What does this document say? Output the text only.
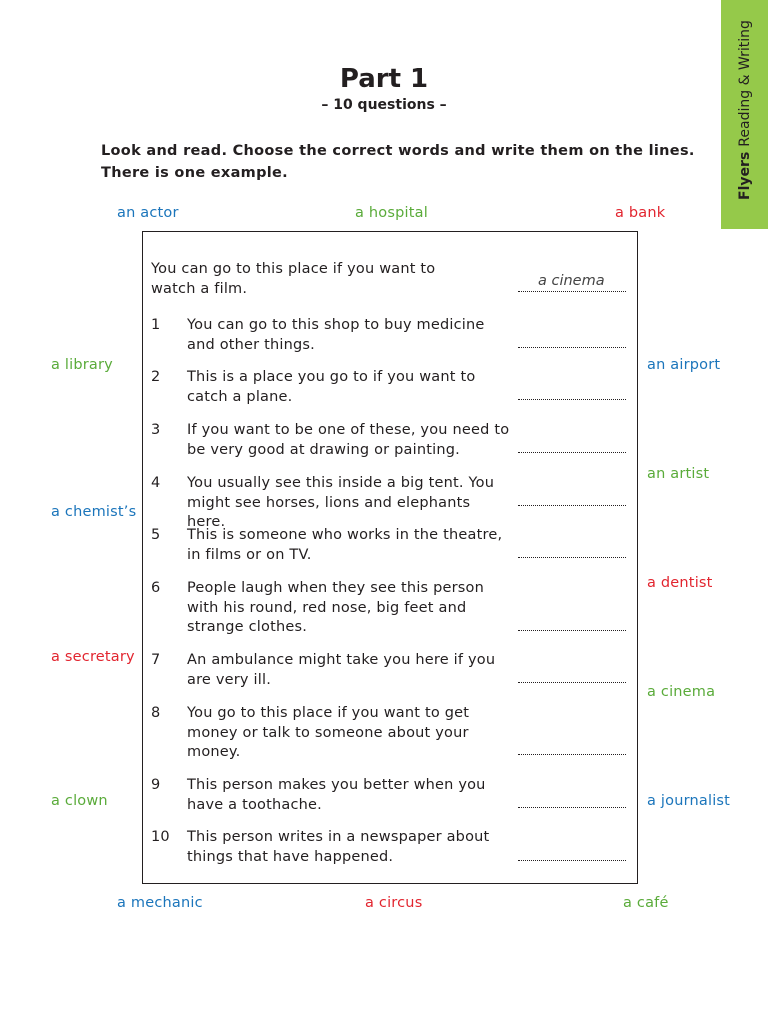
FlyersReading & Writing
Part 1
– 10 questions –
Look and read. Choose the correct words and write them on the lines.
There is one example.
an actor	a hospital	a bank
a library	an airport
an artist
a chemist’s
a dentist
a secretary
a cinema
a clown	a journalist
a mechanic	a circus	a café
You can go to this place if you want to watch a film.	a cinema
1 You can go to this shop to buy medicine and other things.
2 This is a place you go to if you want to catch a plane.
3 If you want to be one of these, you need to be very good at drawing or painting.
4 You usually see this inside a big tent. You might see horses, lions and elephants here.
5 This is someone who works in the theatre, in films or on TV.
6 People laugh when they see this person with his round, red nose, big feet and strange clothes.
7 An ambulance might take you here if you are very ill.
8 You go to this place if you want to get money or talk to someone about your money.
9 This person makes you better when you have a toothache.
10 This person writes in a newspaper about things that have happened.
